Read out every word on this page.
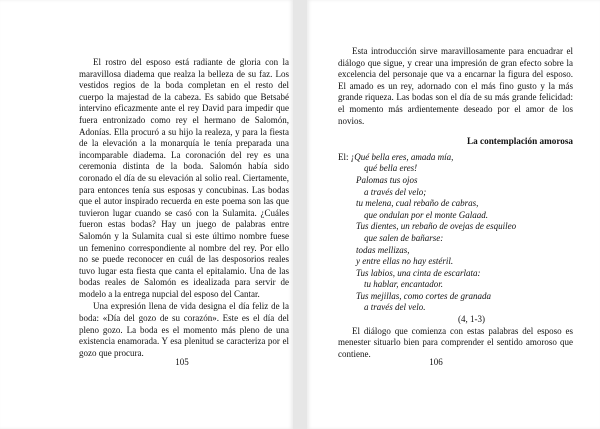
El rostro del esposo está radiante de gloria con la maravillosa diadema que realza la belleza de su faz. Los vestidos regios de la boda completan en el resto del cuerpo la majestad de la cabeza. Es sabido que Betsabé intervino eficazmente ante el rey David para impedir que fuera entronizado como rey el hermano de Salomón, Adonías. Ella procuró a su hijo la realeza, y para la fiesta de la elevación a la monarquía le tenía preparada una incomparable diadema. La coronación del rey es una ceremonia distinta de la boda. Salomón había sido coronado el día de su elevación al solio real. Ciertamente, para entonces tenía sus esposas y concubinas. Las bodas que el autor inspirado recuerda en este poema son las que tuvieron lugar cuando se casó con la Sulamita. ¿Cuáles fueron estas bodas? Hay un juego de palabras entre Salomón y la Sulamita cual si este último nombre fuese un femenino correspondiente al nombre del rey. Por ello no se puede reconocer en cuál de las desposorios reales tuvo lugar esta fiesta que canta el epitalamio. Una de las bodas reales de Salomón es idealizada para servir de modelo a la entrega nupcial del esposo del Cantar.

Una expresión llena de vida designa el día feliz de la boda: «Día del gozo de su corazón». Este es el día del pleno gozo. La boda es el momento más pleno de una existencia enamorada. Y esa plenitud se caracteriza por el gozo que procura.

105

Esta introducción sirve maravillosamente para encuadrar el diálogo que sigue, y crear una impresión de gran efecto sobre la excelencia del personaje que va a encarnar la figura del esposo. El amado es un rey, adornado con el más fino gusto y la más grande riqueza. Las bodas son el día de su más grande felicidad: el momento más ardientemente deseado por el amor de los novios.

La contemplación amorosa

El: ¡Qué bella eres, amada mía,

qué bella eres!

Palomas tus ojos

a través del velo;

tu melena, cual rebaño de cabras,

que ondulan por el monte Galaad.

Tus dientes, un rebaño de ovejas de esquileo

que salen de bañarse:

todas mellizas,

y entre ellas no hay estéril.

Tus labios, una cinta de escarlata:

tu hablar, encantador.

Tus mejillas, como cortes de granada

a través del velo.

(4, 1-3)

El diálogo que comienza con estas palabras del esposo es menester situarlo bien para comprender el sentido amoroso que contiene.

106
